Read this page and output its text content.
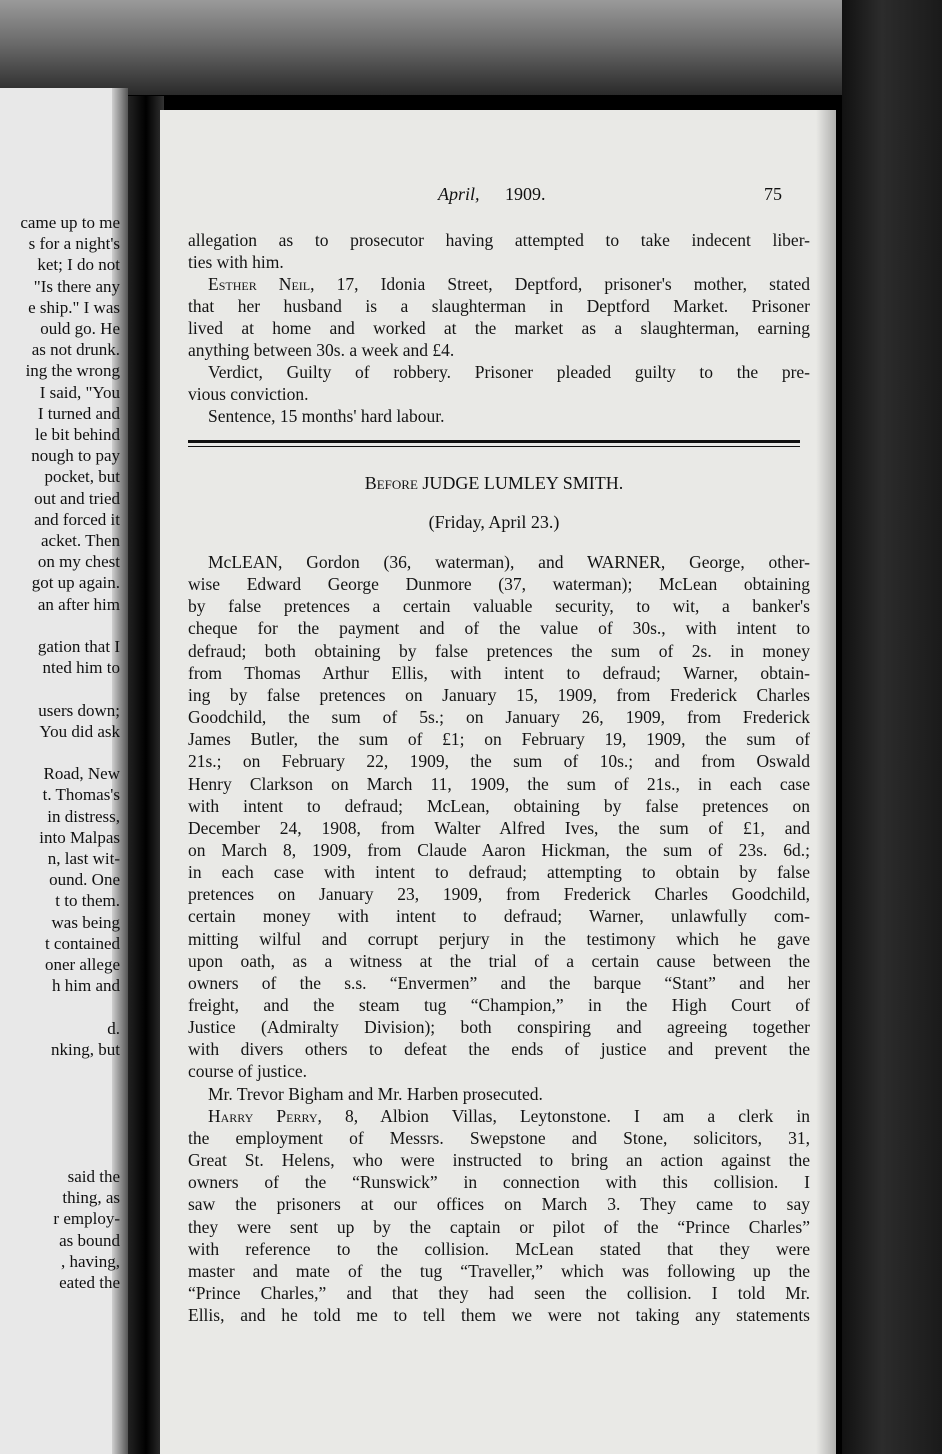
came up to me
s for a night's
ket; I do not
"Is there any
e ship." I was
ould go. He
as not drunk.
ing the wrong
I said, "You
I turned and
le bit behind
nough to pay
pocket, but
out and tried
and forced it
acket. Then
on my chest
got up again.
an after him
gation that I
nted him to
users down;
You did ask
Road, New
t. Thomas's
in distress,
into Malpas
n, last wit-
ound. One
t to them.
was being
t contained
oner allege
h him and
d.
nking, but
said the
thing, as
r employ-
as bound
, having,
eated the
April, 1909.	75
allegation as to prosecutor having attempted to take indecent liber-
ties with him.
Esther Neil, 17, Idonia Street, Deptford, prisoner's mother, stated
that her husband is a slaughterman in Deptford Market. Prisoner
lived at home and worked at the market as a slaughterman, earning
anything between 30s. a week and £4.
Verdict, Guilty of robbery. Prisoner pleaded guilty to the pre-
vious conviction.
Sentence, 15 months' hard labour.
Before JUDGE LUMLEY SMITH.
(Friday, April 23.)
McLEAN, Gordon (36, waterman), and WARNER, George, other-
wise Edward George Dunmore (37, waterman); McLean obtaining
by false pretences a certain valuable security, to wit, a banker's
cheque for the payment and of the value of 30s., with intent to
defraud; both obtaining by false pretences the sum of 2s. in money
from Thomas Arthur Ellis, with intent to defraud; Warner, obtain-
ing by false pretences on January 15, 1909, from Frederick Charles
Goodchild, the sum of 5s.; on January 26, 1909, from Frederick
James Butler, the sum of £1; on February 19, 1909, the sum of
21s.; on February 22, 1909, the sum of 10s.; and from Oswald
Henry Clarkson on March 11, 1909, the sum of 21s., in each case
with intent to defraud; McLean, obtaining by false pretences on
December 24, 1908, from Walter Alfred Ives, the sum of £1, and
on March 8, 1909, from Claude Aaron Hickman, the sum of 23s. 6d.;
in each case with intent to defraud; attempting to obtain by false
pretences on January 23, 1909, from Frederick Charles Goodchild,
certain money with intent to defraud; Warner, unlawfully com-
mitting wilful and corrupt perjury in the testimony which he gave
upon oath, as a witness at the trial of a certain cause between the
owners of the s.s. “Envermen” and the barque “Stant” and her
freight, and the steam tug “Champion,” in the High Court of
Justice (Admiralty Division); both conspiring and agreeing together
with divers others to defeat the ends of justice and prevent the
course of justice.
Mr. Trevor Bigham and Mr. Harben prosecuted.
Harry Perry, 8, Albion Villas, Leytonstone. I am a clerk in
the employment of Messrs. Swepstone and Stone, solicitors, 31,
Great St. Helens, who were instructed to bring an action against the
owners of the “Runswick” in connection with this collision. I
saw the prisoners at our offices on March 3. They came to say
they were sent up by the captain or pilot of the “Prince Charles”
with reference to the collision. McLean stated that they were
master and mate of the tug “Traveller,” which was following up the
“Prince Charles,” and that they had seen the collision. I told Mr.
Ellis, and he told me to tell them we were not taking any statements
